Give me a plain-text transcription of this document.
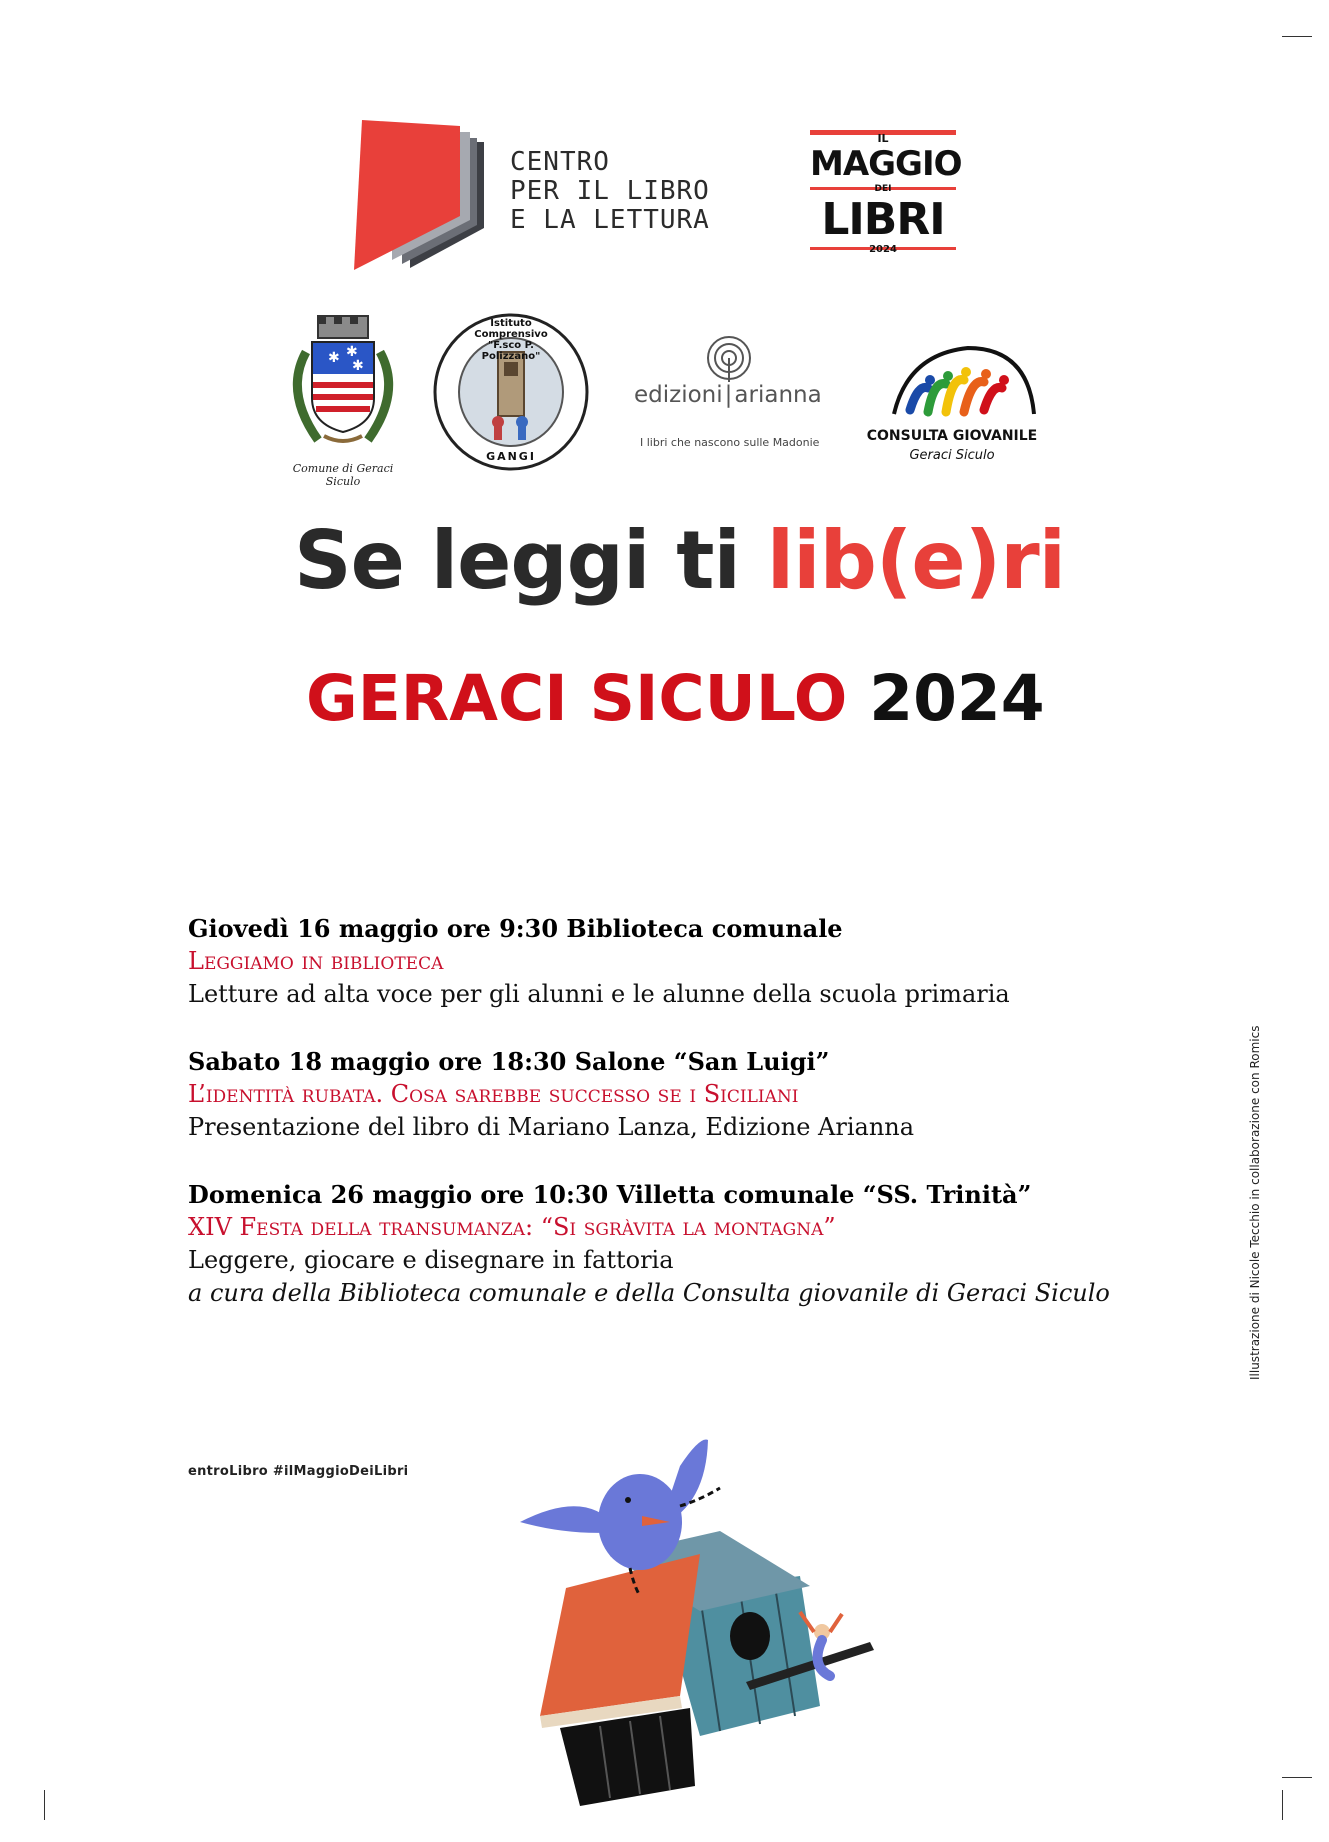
CENTRO
PER IL LIBRO
E LA LETTURA
IL
MAGGIO
DEI
LIBRI
2024
✱ ✱
✱
Comune di Geraci Siculo
Istituto Comprensivo "F.sco P. Polizzano"
GANGI
edizioni|arianna
I libri che nascono sulle Madonie	CONSULTA GIOVANILE
Geraci Siculo
Se leggi ti lib(e)ri
GERACI SICULO 2024
Giovedì 16 maggio ore 9:30 Biblioteca comunale
Leggiamo in biblioteca
Letture ad alta voce per gli alunni e le alunne della scuola primaria
Sabato 18 maggio ore 18:30 Salone “San Luigi”
L’identità rubata. Cosa sarebbe successo se i Siciliani
Presentazione del libro di Mariano Lanza, Edizione Arianna
Domenica 26 maggio ore 10:30 Villetta comunale “SS. Trinità”
XIV Festa della transumanza: “Si sgràvita la montagna”
Leggere, giocare e disegnare in fattoria
a cura della Biblioteca comunale e della Consulta giovanile di Geraci Siculo	Illustrazione di Nicole Tecchio in collaborazione con Romics
entroLibro #ilMaggioDeiLibri
